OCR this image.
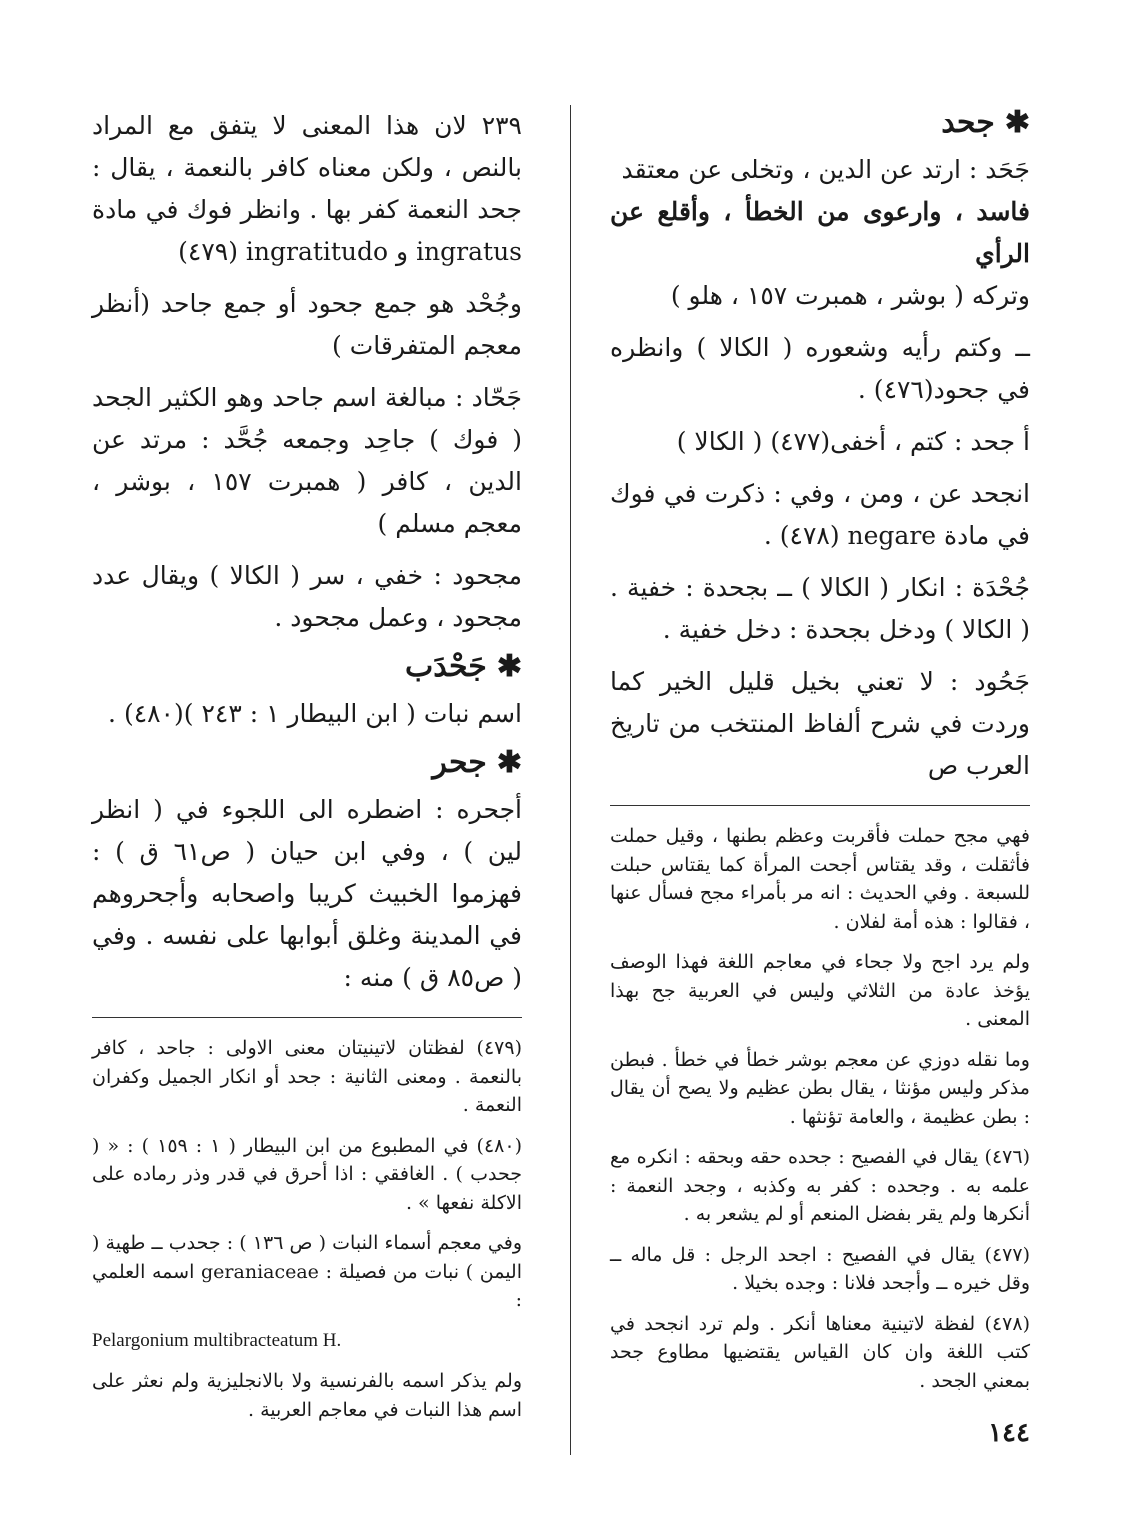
✱
جحد

جَحَد : ارتد عن الدين ، وتخلى عن معتقد

فاسد ، وارعوى من الخطأ ، وأقلع عن الرأي

وتركه ( بوشر ، همبرت ١٥٧ ، هلو )

ــ وكتم رأيه وشعوره ( الكالا ) وانظره في جحود(٤٧٦) .

أ جحد : كتم ، أخفى(٤٧٧) ( الكالا )

انجحد عن ، ومن ، وفي : ذكرت في فوك في مادة negare (٤٧٨) .

جُحْدَة : انكار ( الكالا ) ــ بجحدة : خفية . ( الكالا ) ودخل بجحدة : دخل خفية .

جَحُود : لا تعني بخيل قليل الخير كما وردت في شرح ألفاظ المنتخب من تاريخ العرب ص

فهي مجح حملت فأقربت وعظم بطنها ، وقيل حملت فأثقلت ، وقد يقتاس أجحت المرأة كما يقتاس حبلت للسبعة . وفي الحديث : انه مر بأمراء مجح فسأل عنها ، فقالوا : هذه أمة لفلان .

ولم يرد اجح ولا جحاء في معاجم اللغة فهذا الوصف يؤخذ عادة من الثلاثي وليس في العربية جح بهذا المعنى .

وما نقله دوزي عن معجم بوشر خطأ في خطأ . فبطن مذكر وليس مؤنثا ، يقال بطن عظيم ولا يصح أن يقال : بطن عظيمة ، والعامة تؤنثها .

(٤٧٦) يقال في الفصيح : جحده حقه وبحقه : انكره مع علمه به . وجحده : كفر به وكذبه ، وجحد النعمة : أنكرها ولم يقر بفضل المنعم أو لم يشعر به .

(٤٧٧) يقال في الفصيح : اجحد الرجل : قل ماله ــ وقل خيره ــ وأجحد فلانا : وجده بخيلا .

(٤٧٨) لفظة لاتينية معناها أنكر . ولم ترد انجحد في كتب اللغة وان كان القياس يقتضيها مطاوع جحد بمعني الجحد .

٢٣٩ لان هذا المعنى لا يتفق مع المراد بالنص ، ولكن معناه كافر بالنعمة ، يقال : جحد النعمة كفر بها . وانظر فوك في مادة ingratus و ingratitudo (٤٧٩)

وجُحْد هو جمع جحود أو جمع جاحد (أنظر معجم المتفرقات )

جَحّاد : مبالغة اسم جاحد وهو الكثير الجحد ( فوك ) جاحِد وجمعه جُحَّد : مرتد عن الدين ، كافر ( همبرت ١٥٧ ، بوشر ، معجم مسلم )

مجحود : خفي ، سر ( الكالا ) ويقال عدد مجحود ، وعمل مجحود .

✱
جَحْدَب

اسم نبات ( ابن البيطار ١ : ٢٤٣ )(٤٨٠) .

✱
جحر

أجحره : اضطره الى اللجوء في ( انظر لين ) ، وفي ابن حيان ( ص٦١ ق ) : فهزموا الخبيث كريبا واصحابه وأجحروهم في المدينة وغلق أبوابها على نفسه . وفي ( ص٨٥ ق ) منه :

(٤٧٩) لفظتان لاتينيتان معنى الاولى : جاحد ، كافر بالنعمة . ومعنى الثانية : جحد أو انكار الجميل وكفران النعمة .

(٤٨٠) في المطبوع من ابن البيطار ( ١ : ١٥٩ ) : « ( جحدب ) . الغافقي : اذا أحرق في قدر وذر رماده على الاكلة نفعها » .

وفي معجم أسماء النبات ( ص ١٣٦ ) : جحدب ــ طهية ( اليمن ) نبات من فصيلة : geraniaceae اسمه العلمي :

Pelargonium multibracteatum H.

ولم يذكر اسمه بالفرنسية ولا بالانجليزية ولم نعثر على اسم هذا النبات في معاجم العربية .

١٤٤
